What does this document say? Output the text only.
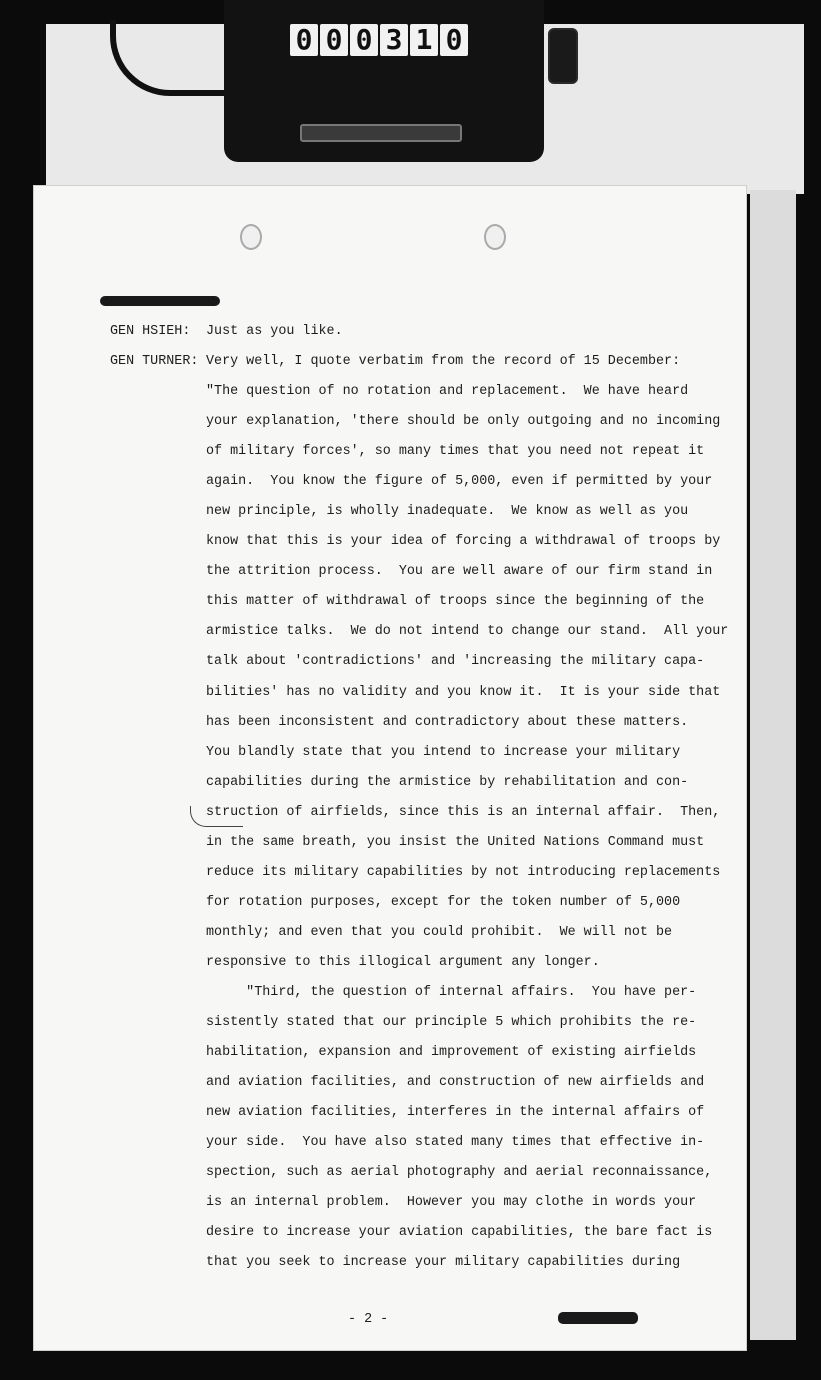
0 0 0 3 1 0
GEN HSIEH: Just as you like.
GEN TURNER: Very well, I quote verbatim from the record of 15 December:
"The question of no rotation and replacement.  We have heard
your explanation, 'there should be only outgoing and no incoming
of military forces', so many times that you need not repeat it
again.  You know the figure of 5,000, even if permitted by your
new principle, is wholly inadequate.  We know as well as you
know that this is your idea of forcing a withdrawal of troops by
the attrition process.  You are well aware of our firm stand in
this matter of withdrawal of troops since the beginning of the
armistice talks.  We do not intend to change our stand.  All your
talk about 'contradictions' and 'increasing the military capa-
bilities' has no validity and you know it.  It is your side that
has been inconsistent and contradictory about these matters.
You blandly state that you intend to increase your military
capabilities during the armistice by rehabilitation and con-
struction of airfields, since this is an internal affair.  Then,
in the same breath, you insist the United Nations Command must
reduce its military capabilities by not introducing replacements
for rotation purposes, except for the token number of 5,000
monthly; and even that you could prohibit.  We will not be
responsive to this illogical argument any longer.
"Third, the question of internal affairs.  You have per-
sistently stated that our principle 5 which prohibits the re-
habilitation, expansion and improvement of existing airfields
and aviation facilities, and construction of new airfields and
new aviation facilities, interferes in the internal affairs of
your side.  You have also stated many times that effective in-
spection, such as aerial photography and aerial reconnaissance,
is an internal problem.  However you may clothe in words your
desire to increase your aviation capabilities, the bare fact is
that you seek to increase your military capabilities during
- 2 -
